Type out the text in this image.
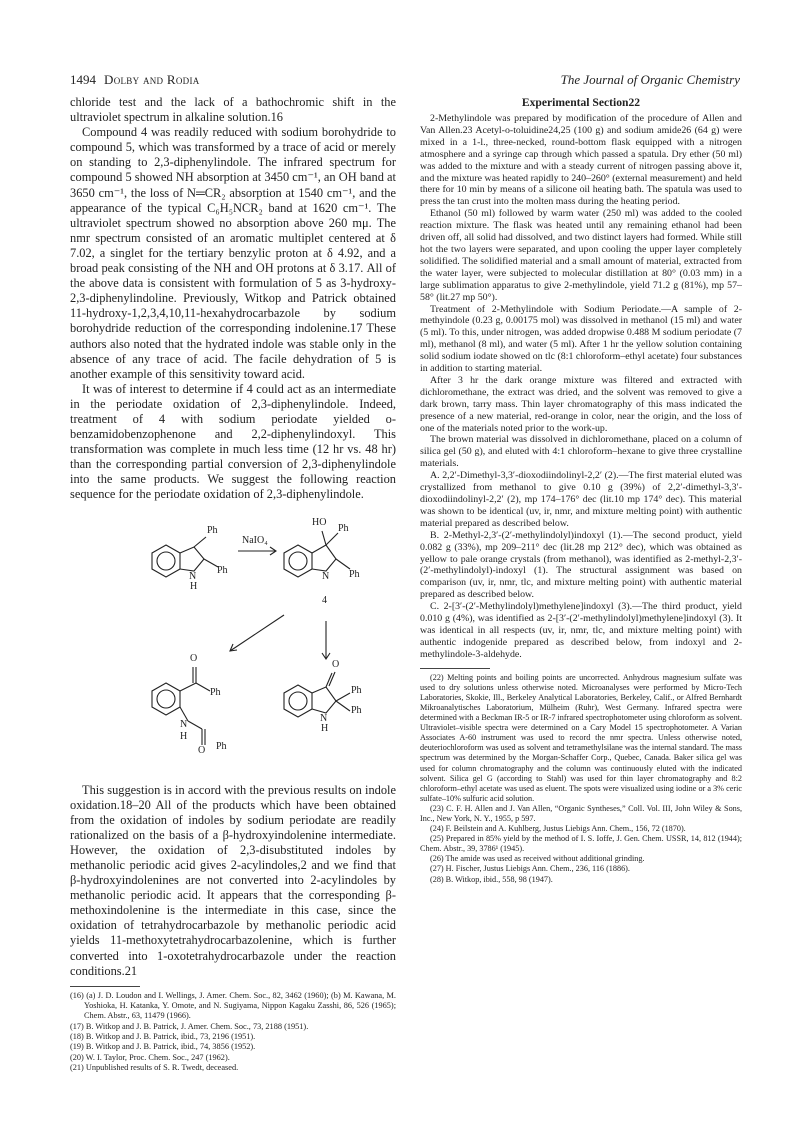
1494 Dolby and Rodia	The Journal of Organic Chemistry

chloride test and the lack of a bathochromic shift in the ultraviolet spectrum in alkaline solution.16

Compound 4 was readily reduced with sodium borohydride to compound 5, which was transformed by a trace of acid or merely on standing to 2,3-diphenylindole. The infrared spectrum for compound 5 showed NH absorption at 3450 cm⁻¹, an OH band at 3650 cm⁻¹, the loss of N═CR₂ absorption at 1540 cm⁻¹, and the appearance of the typical C₆H₅NCR₂ band at 1620 cm⁻¹. The ultraviolet spectrum showed no absorption above 260 mμ. The nmr spectrum consisted of an aromatic multiplet centered at δ 7.02, a singlet for the tertiary benzylic proton at δ 4.92, and a broad peak consisting of the NH and OH protons at δ 3.17. All of the above data is consistent with formulation of 5 as 3-hydroxy-2,3-diphenylindoline. Previously, Witkop and Patrick obtained 11-hydroxy-1,2,3,4,10,11-hexahydrocarbazole by sodium borohydride reduction of the corresponding indolenine.17 These authors also noted that the hydrated indole was stable only in the absence of any trace of acid. The facile dehydration of 5 is another example of this sensitivity toward acid.

It was of interest to determine if 4 could act as an intermediate in the periodate oxidation of 2,3-diphenylindole. Indeed, treatment of 4 with sodium periodate yielded o-benzamidobenzophenone and 2,2-diphenylindoxyl. This transformation was complete in much less time (12 hr vs. 48 hr) than the corresponding partial conversion of 2,3-diphenylindole into the same products. We suggest the following reaction sequence for the periodate oxidation of 2,3-diphenylindole.

Ph
Ph
N
H
NaIO₄
HO
Ph
N Ph
4
O
Ph
N
H
O Ph
O
Ph
Ph
N
H

This suggestion is in accord with the previous results on indole oxidation.18–20 All of the products which have been obtained from the oxidation of indoles by sodium periodate are readily rationalized on the basis of a β-hydroxyindolenine intermediate. However, the oxidation of 2,3-disubstituted indoles by methanolic periodic acid gives 2-acylindoles,2 and we find that β-hydroxyindolenines are not converted into 2-acylindoles by methanolic periodic acid. It appears that the corresponding β-methoxindolenine is the intermediate in this case, since the oxidation of tetrahydrocarbazole by methanolic periodic acid yields 11-methoxytetrahydrocarbazolenine, which is further converted into 1-oxotetrahydrocarbazole under the reaction conditions.21

(16) (a) J. D. Loudon and I. Wellings, J. Amer. Chem. Soc., 82, 3462 (1960); (b) M. Kawana, M. Yoshioka, H. Katanka, Y. Omote, and N. Sugiyama, Nippon Kagaku Zasshi, 86, 526 (1965); Chem. Abstr., 63, 11479 (1966).

(17) B. Witkop and J. B. Patrick, J. Amer. Chem. Soc., 73, 2188 (1951).

(18) B. Witkop and J. B. Patrick, ibid., 73, 2196 (1951).

(19) B. Witkop and J. B. Patrick, ibid., 74, 3856 (1952).

(20) W. I. Taylor, Proc. Chem. Soc., 247 (1962).

(21) Unpublished results of S. R. Twedt, deceased.

Experimental Section22

2-Methylindole was prepared by modification of the procedure of Allen and Van Allen.23 Acetyl-o-toluidine24,25 (100 g) and sodium amide26 (64 g) were mixed in a 1-l., three-necked, round-bottom flask equipped with a nitrogen atmosphere and a syringe cap through which passed a spatula. Dry ether (50 ml) was added to the mixture and with a steady current of nitrogen passing above it, and the mixture was heated rapidly to 240–260° (external measurement) and held there for 10 min by means of a silicone oil heating bath. The spatula was used to press the tan crust into the molten mass during the heating period.

Ethanol (50 ml) followed by warm water (250 ml) was added to the cooled reaction mixture. The flask was heated until any remaining ethanol had been driven off, all solid had dissolved, and two distinct layers had formed. While still hot the two layers were separated, and upon cooling the upper layer completely solidified. The solidified material and a small amount of material, extracted from the water layer, were subjected to molecular distillation at 80° (0.03 mm) in a large sublimation apparatus to give 2-methylindole, yield 71.2 g (81%), mp 57–58° (lit.27 mp 50°).

Treatment of 2-Methylindole with Sodium Periodate.—A sample of 2-methyindole (0.23 g, 0.00175 mol) was dissolved in methanol (15 ml) and water (5 ml). To this, under nitrogen, was added dropwise 0.488 M sodium periodate (7 ml), methanol (8 ml), and water (5 ml). After 1 hr the yellow solution containing solid sodium iodate showed on tlc (8:1 chloroform–ethyl acetate) four substances in addition to starting material.

After 3 hr the dark orange mixture was filtered and extracted with dichloromethane, the extract was dried, and the solvent was removed to give a dark brown, tarry mass. Thin layer chromatography of this mass indicated the presence of a new material, red-orange in color, near the origin, and the loss of one of the materials noted prior to the work-up.

The brown material was dissolved in dichloromethane, placed on a column of silica gel (50 g), and eluted with 4:1 chloroform–hexane to give three crystalline materials.

A. 2,2′-Dimethyl-3,3′-dioxodiindolinyl-2,2′ (2).—The first material eluted was crystallized from methanol to give 0.10 g (39%) of 2,2′-dimethyl-3,3′-dioxodiindolinyl-2,2′ (2), mp 174–176° dec (lit.10 mp 174° dec). This material was shown to be identical (uv, ir, nmr, and mixture melting point) with authentic material prepared as described below.

B. 2-Methyl-2,3′-(2′-methylindolyl)indoxyl (1).—The second product, yield 0.082 g (33%), mp 209–211° dec (lit.28 mp 212° dec), which was obtained as yellow to pale orange crystals (from methanol), was identified as 2-methyl-2,3′-(2′-methylindolyl)-indoxyl (1). The structural assignment was based on comparison (uv, ir, nmr, tlc, and mixture melting point) with authentic material prepared as described below.

C. 2-[3′-(2′-Methylindolyl)methylene]indoxyl (3).—The third product, yield 0.010 g (4%), was identified as 2-[3′-(2′-methylindolyl)methylene]indoxyl (3). It was identical in all respects (uv, ir, nmr, tlc, and mixture melting point) with authentic indogenide prepared as described below, from indoxyl and 2-methylindole-3-aldehyde.

(22) Melting points and boiling points are uncorrected. Anhydrous magnesium sulfate was used to dry solutions unless otherwise noted. Microanalyses were performed by Micro-Tech Laboratories, Skokie, Ill., Berkeley Analytical Laboratories, Berkeley, Calif., or Alfred Bernhardt Mikroanalytisches Laboratorium, Mülheim (Ruhr), West Germany. Infrared spectra were determined with a Beckman IR-5 or IR-7 infrared spectrophotometer using chloroform as solvent. Ultraviolet–visible spectra were determined on a Cary Model 15 spectrophotometer. A Varian Associates A-60 instrument was used to record the nmr spectra. Unless otherwise noted, deuteriochloroform was used as solvent and tetramethylsilane was the internal standard. The mass spectrum was determined by the Morgan-Schaffer Corp., Quebec, Canada. Baker silica gel was used for column chromatography and the column was continuously eluted with the indicated solvent. Silica gel G (according to Stahl) was used for thin layer chromatography and 8:2 chloroform–ethyl acetate was used as eluent. The spots were visualized using iodine or a 3% ceric sulfate–10% sulfuric acid solution.

(23) C. F. H. Allen and J. Van Allen, “Organic Syntheses,” Coll. Vol. III, John Wiley & Sons, Inc., New York, N. Y., 1955, p 597.

(24) F. Beilstein and A. Kuhlberg, Justus Liebigs Ann. Chem., 156, 72 (1870).

(25) Prepared in 85% yield by the method of I. S. Ioffe, J. Gen. Chem. USSR, 14, 812 (1944); Chem. Abstr., 39, 3786¹ (1945).

(26) The amide was used as received without additional grinding.

(27) H. Fischer, Justus Liebigs Ann. Chem., 236, 116 (1886).

(28) B. Witkop, ibid., 558, 98 (1947).
